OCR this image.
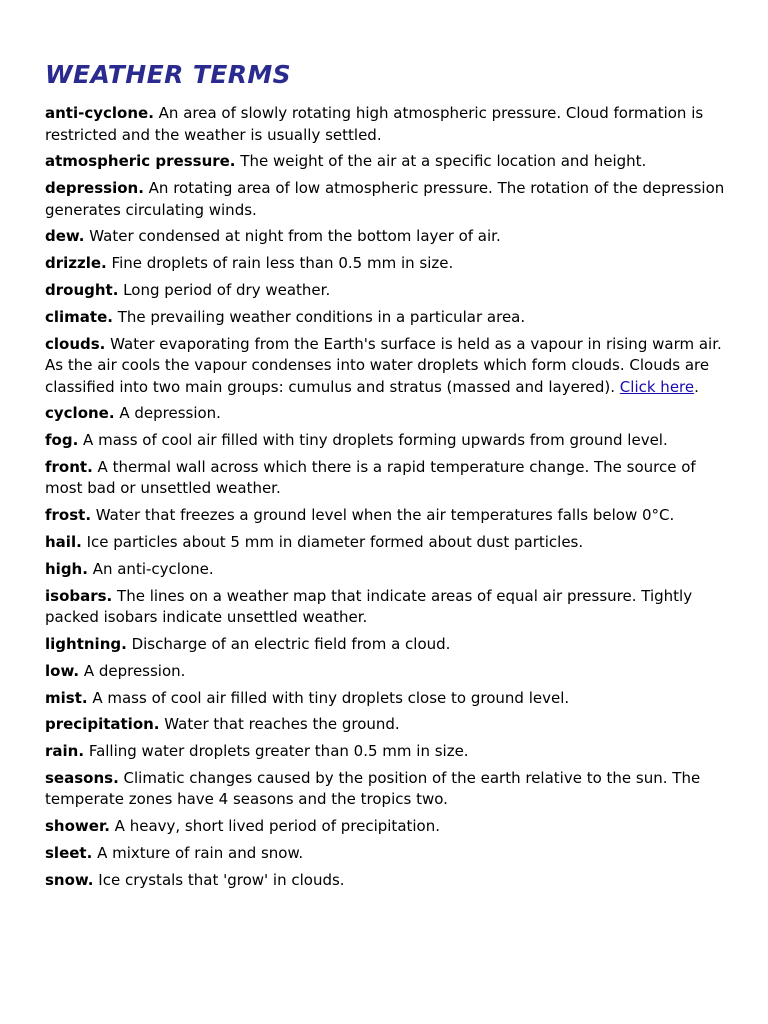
WEATHER TERMS
anti-cyclone. An area of slowly rotating high atmospheric pressure. Cloud formation is restricted and the weather is usually settled.
atmospheric pressure. The weight of the air at a specific location and height.
depression. An rotating area of low atmospheric pressure. The rotation of the depression generates circulating winds.
dew. Water condensed at night from the bottom layer of air.
drizzle. Fine droplets of rain less than 0.5 mm in size.
drought. Long period of dry weather.
climate. The prevailing weather conditions in a particular area.
clouds. Water evaporating from the Earth's surface is held as a vapour in rising warm air. As the air cools the vapour condenses into water droplets which form clouds. Clouds are classified into two main groups: cumulus and stratus (massed and layered). Click here.
cyclone. A depression.
fog. A mass of cool air filled with tiny droplets forming upwards from ground level.
front. A thermal wall across which there is a rapid temperature change. The source of most bad or unsettled weather.
frost. Water that freezes a ground level when the air temperatures falls below 0°C.
hail. Ice particles about 5 mm in diameter formed about dust particles.
high. An anti-cyclone.
isobars. The lines on a weather map that indicate areas of equal air pressure. Tightly packed isobars indicate unsettled weather.
lightning. Discharge of an electric field from a cloud.
low. A depression.
mist. A mass of cool air filled with tiny droplets close to ground level.
precipitation. Water that reaches the ground.
rain. Falling water droplets greater than 0.5 mm in size.
seasons. Climatic changes caused by the position of the earth relative to the sun. The temperate zones have 4 seasons and the tropics two.
shower. A heavy, short lived period of precipitation.
sleet. A mixture of rain and snow.
snow. Ice crystals that 'grow' in clouds.
